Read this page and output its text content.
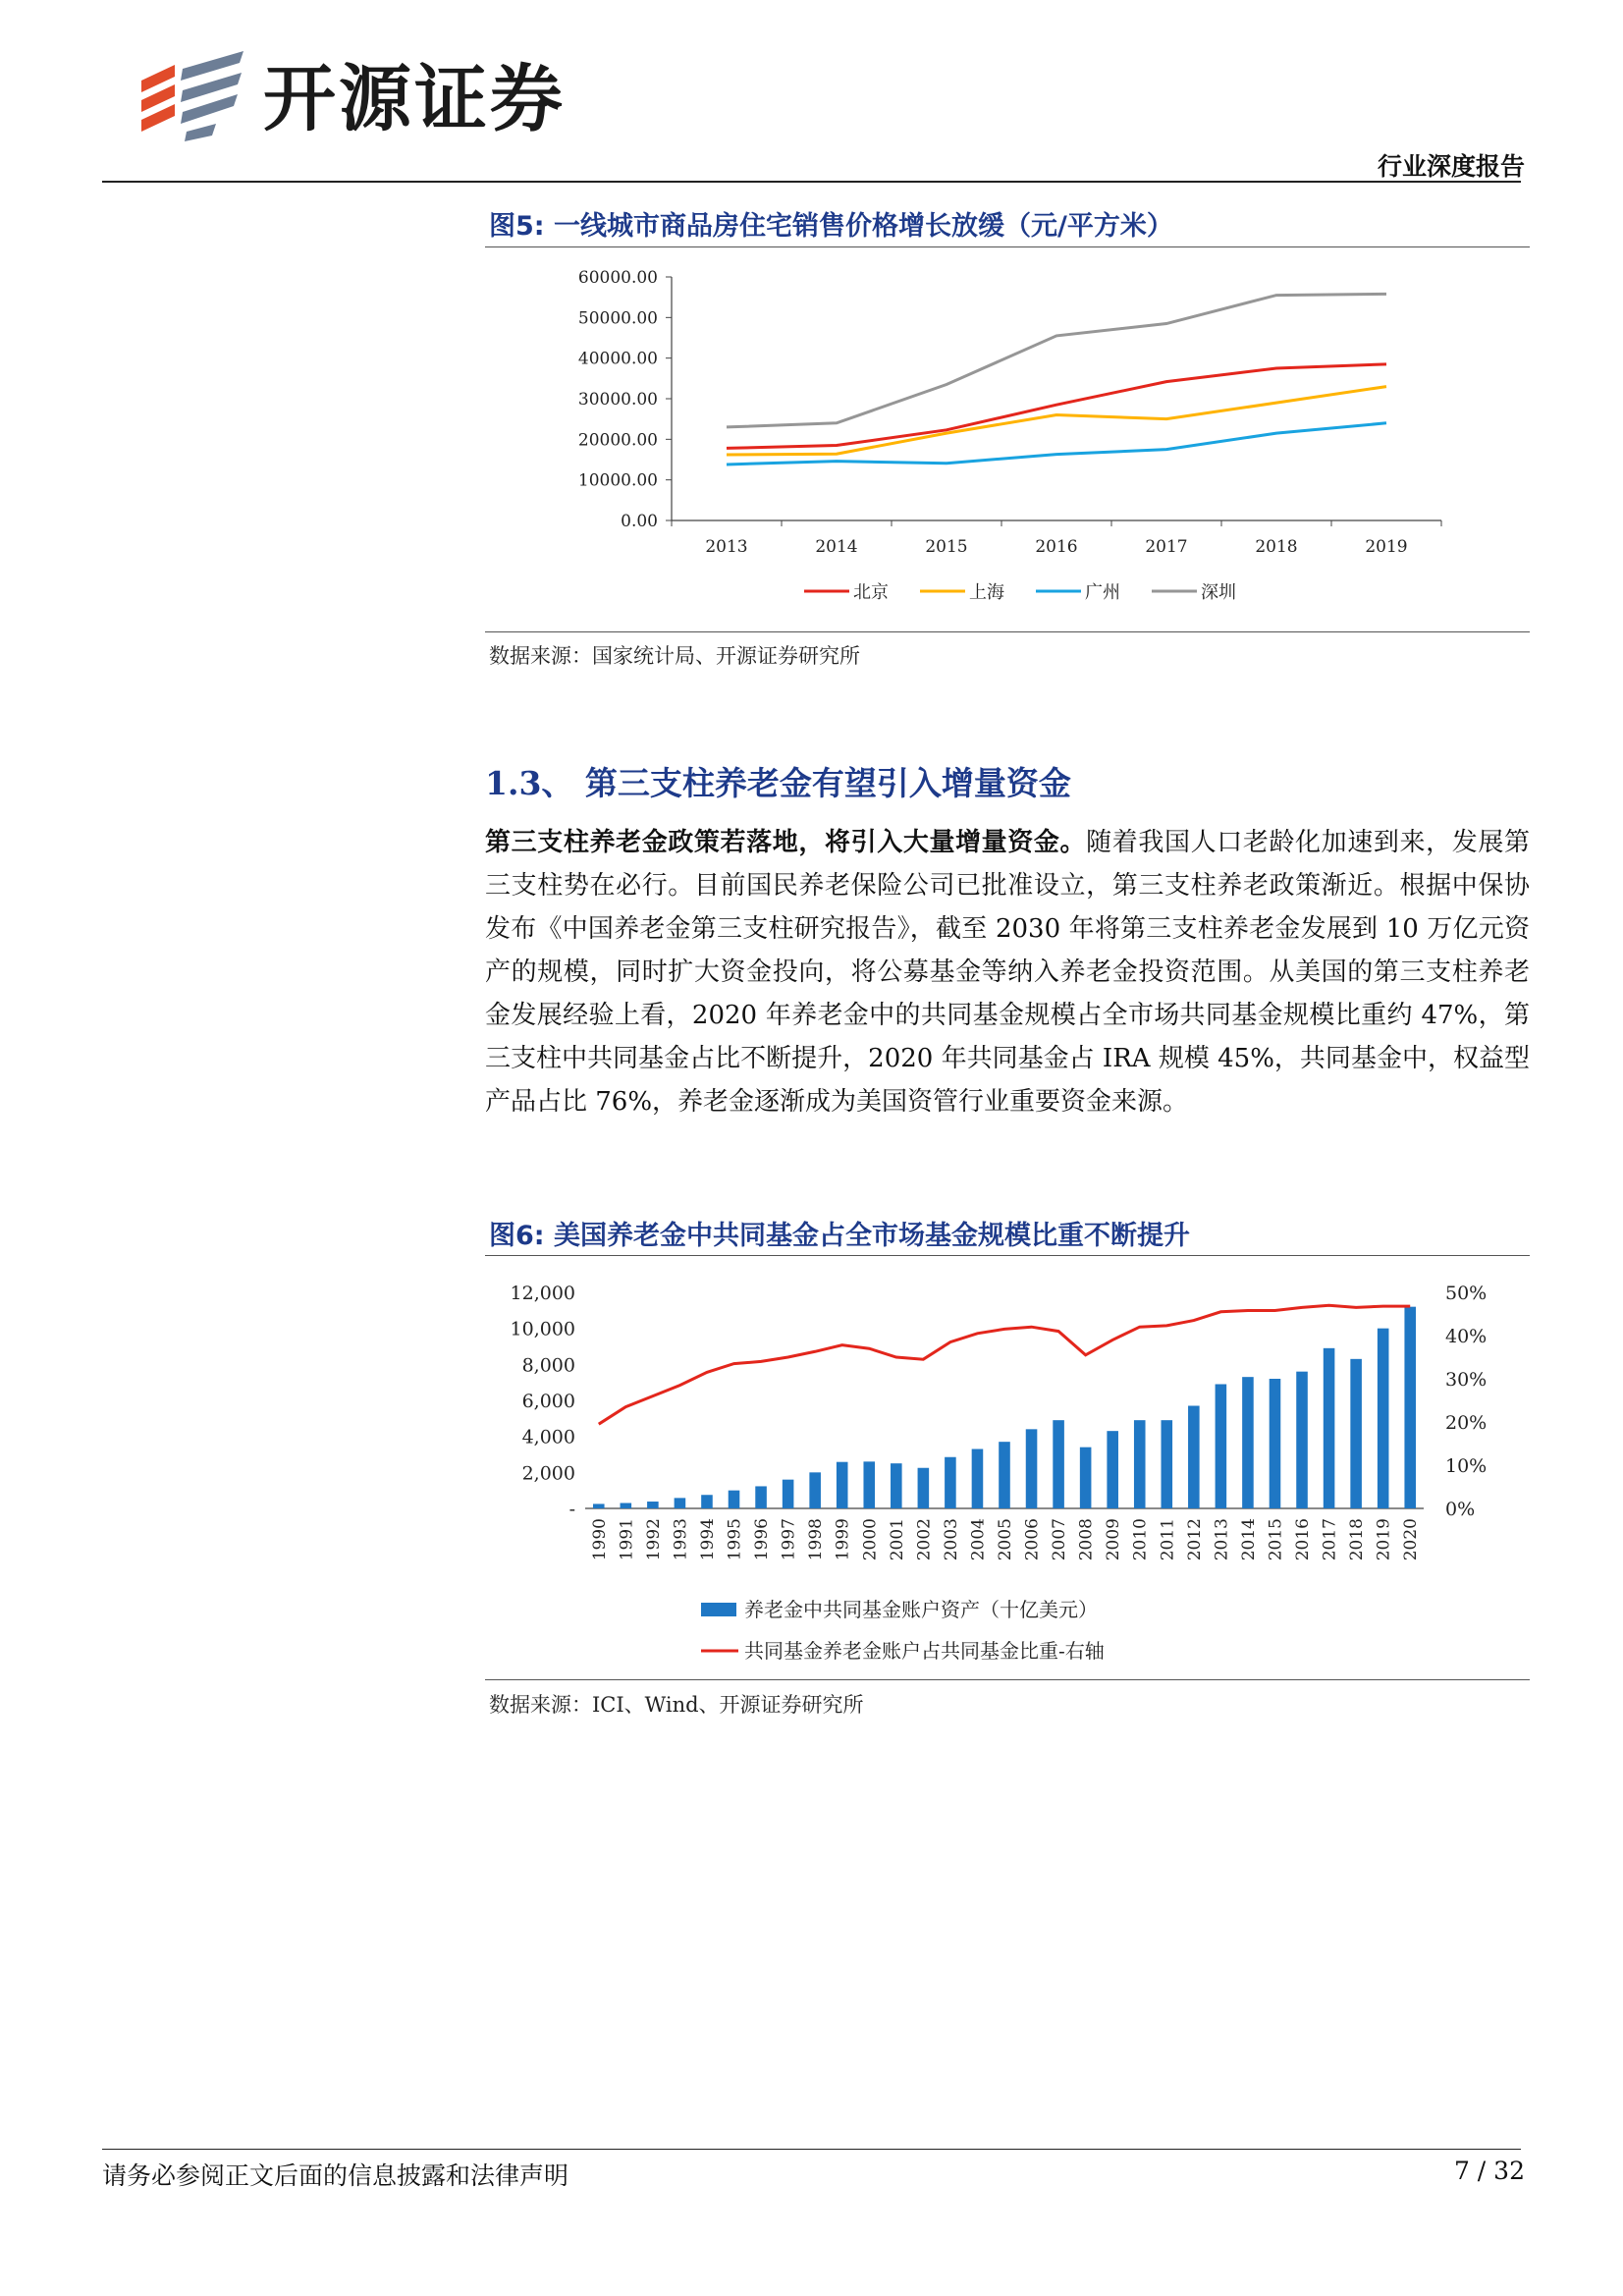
开源证券
行业深度报告
图5: 一线城市商品房住宅销售价格增长放缓（元/平方米）
0.00
10000.00
20000.00
30000.00
40000.00
50000.00
60000.00
2013	2014	2015	2016	2017	2018	2019
北京	上海	广州	深圳
数据来源：国家统计局、开源证券研究所
1.3、 第三支柱养老金有望引入增量资金
第三支柱养老金政策若落地，将引入大量增量资金。随着我国人口老龄化加速到来，发展第三支柱势在必行。目前国民养老保险公司已批准设立，第三支柱养老政策渐近。根据中保协发布《中国养老金第三支柱研究报告》，截至 2030 年将第三支柱养老金发展到 10 万亿元资产的规模，同时扩大资金投向，将公募基金等纳入养老金投资范围。从美国的第三支柱养老金发展经验上看，2020 年养老金中的共同基金规模占全市场共同基金规模比重约 47%，第三支柱中共同基金占比不断提升，2020 年共同基金占 IRA 规模 45%，共同基金中，权益型产品占比 76%，养老金逐渐成为美国资管行业重要资金来源。
图6: 美国养老金中共同基金占全市场基金规模比重不断提升
-
2,000
4,000
6,000
8,000
10,000
12,000
0%
10%
20%
30%
40%
50%
1990 1991 1992 1993 1994 1995 1996 1997 1998 1999 2000 2001 2002 2003 2004 2005 2006 2007 2008 2009 2010 2011 2012 2013 2014 2015 2016 2017 2018 2019 2020
养老金中共同基金账户资产（十亿美元）
共同基金养老金账户占共同基金比重-右轴
数据来源：ICI、Wind、开源证券研究所
请务必参阅正文后面的信息披露和法律声明	7 / 32
